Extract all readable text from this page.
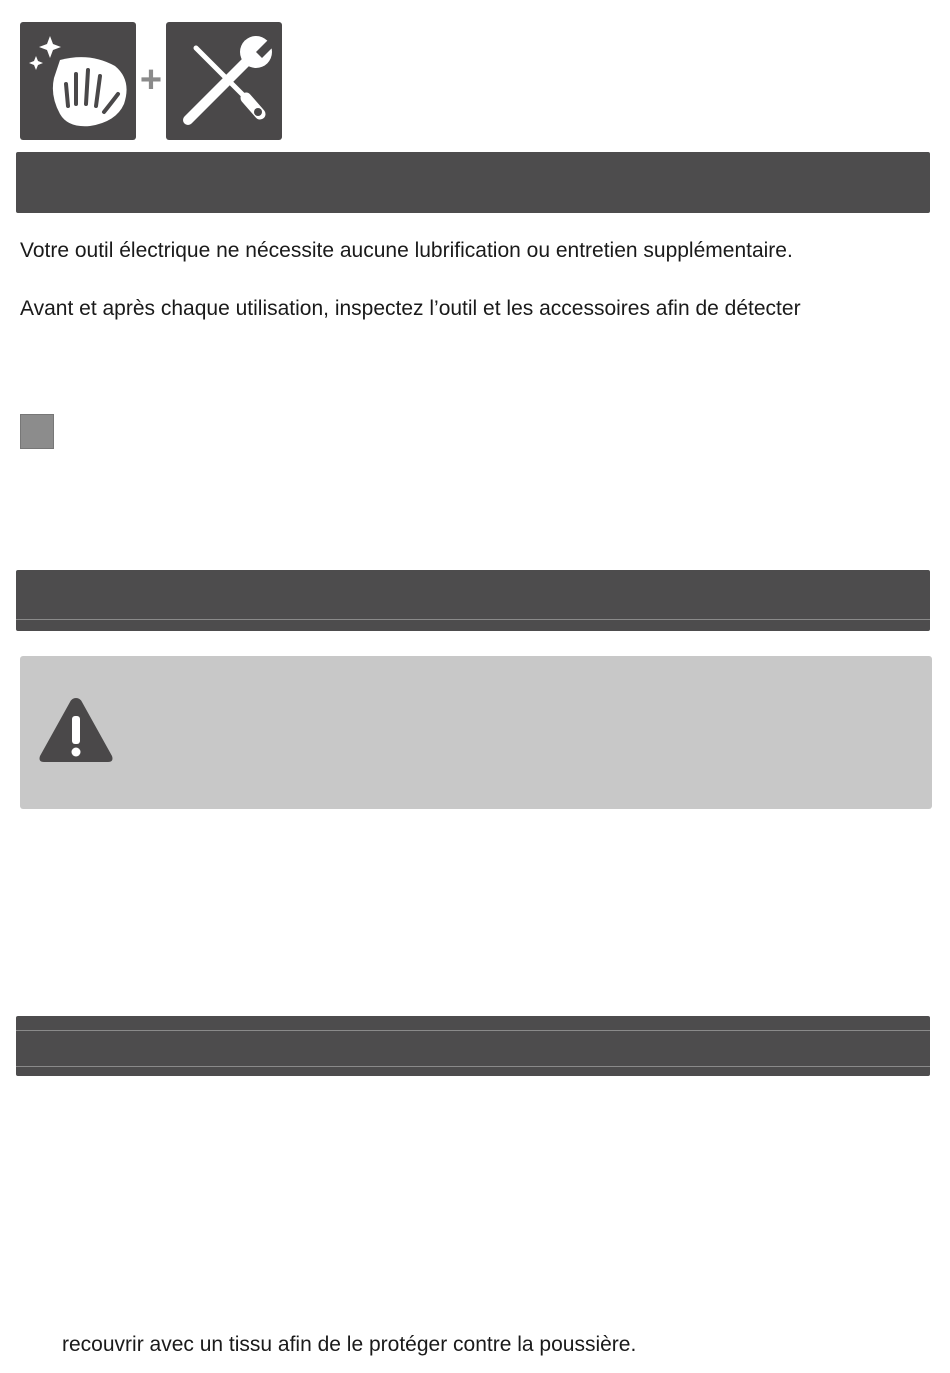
+
Votre outil électrique ne nécessite aucune lubrification ou entretien supplémentaire.
Avant et après chaque utilisation, inspectez l’outil et les accessoires afin de détecter
recouvrir avec un tissu afin de le protéger contre la poussière.
